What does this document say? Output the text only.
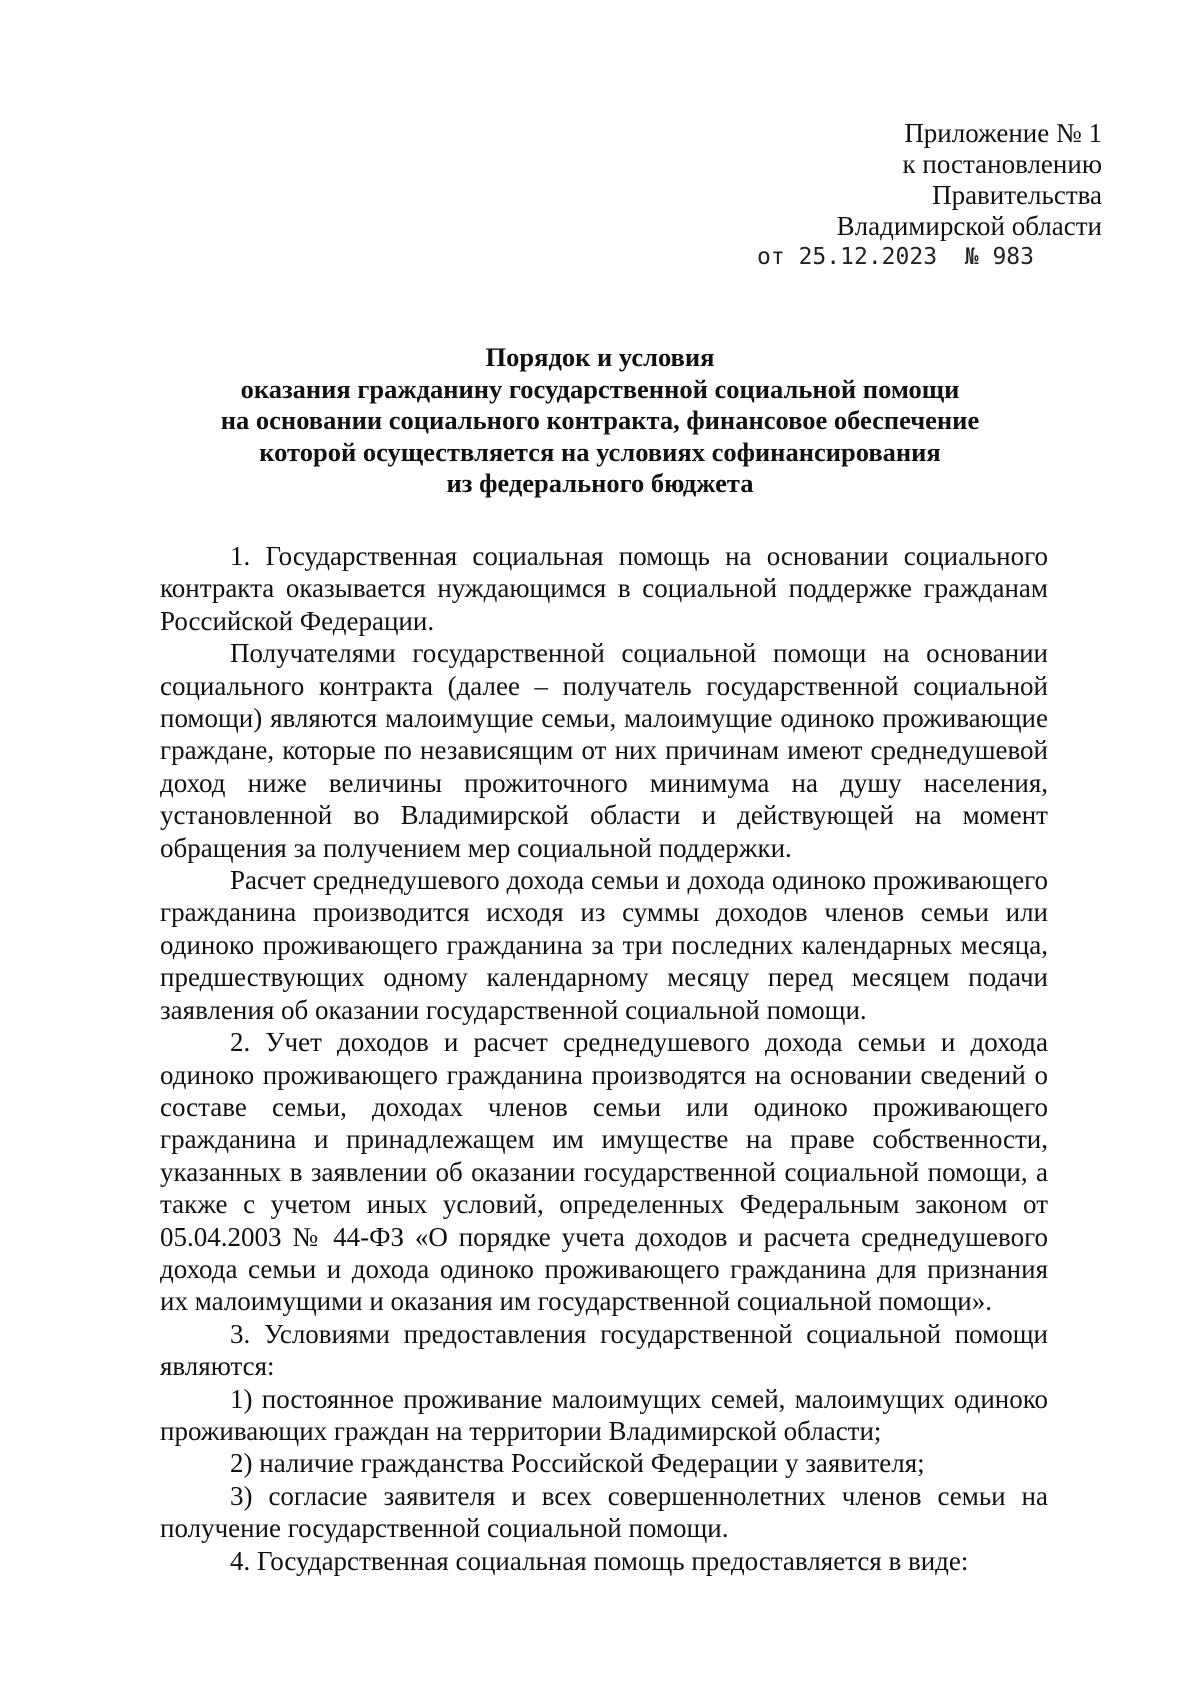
Приложение № 1
к постановлению
Правительства
Владимирской области
от 25.12.2023  № 983
Порядок и условия
оказания гражданину государственной социальной помощи
на основании социального контракта, финансовое обеспечение
которой осуществляется на условиях софинансирования
из федерального бюджета

1. Государственная социальная помощь на основании социального контракта оказывается нуждающимся в социальной поддержке гражданам Российской Федерации.

Получателями государственной социальной помощи на основании социального контракта (далее – получатель государственной социальной помощи) являются малоимущие семьи, малоимущие одиноко проживающие граждане, которые по независящим от них причинам имеют среднедушевой доход ниже величины прожиточного минимума на душу населения, установленной во Владимирской области и действующей на момент обращения за получением мер социальной поддержки.

Расчет среднедушевого дохода семьи и дохода одиноко проживающего гражданина производится исходя из суммы доходов членов семьи или одиноко проживающего гражданина за три последних календарных месяца, предшествующих одному календарному месяцу перед месяцем подачи заявления об оказании государственной социальной помощи.

2. Учет доходов и расчет среднедушевого дохода семьи и дохода одиноко проживающего гражданина производятся на основании сведений о составе семьи, доходах членов семьи или одиноко проживающего гражданина и принадлежащем им имуществе на праве собственности, указанных в заявлении об оказании государственной социальной помощи, а также с учетом иных условий, определенных Федеральным законом от 05.04.2003 № 44-ФЗ «О порядке учета доходов и расчета среднедушевого дохода семьи и дохода одиноко проживающего гражданина для признания их малоимущими и оказания им государственной социальной помощи».

3. Условиями предоставления государственной социальной помощи являются:

1) постоянное проживание малоимущих семей, малоимущих одиноко проживающих граждан на территории Владимирской области;

2) наличие гражданства Российской Федерации у заявителя;

3) согласие заявителя и всех совершеннолетних членов семьи на получение государственной социальной помощи.

4. Государственная социальная помощь предоставляется в виде:
